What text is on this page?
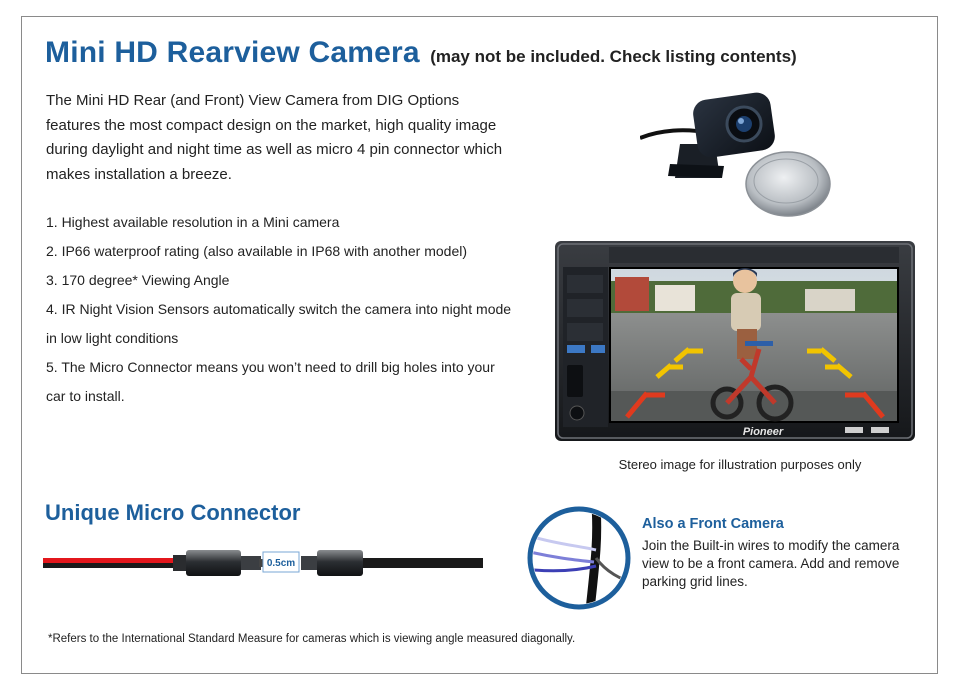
Mini HD Rearview Camera (may not be included. Check listing contents)
The Mini HD Rear (and Front) View Camera from DIG Options features the most compact design on the market, high quality image during daylight and night time as well as micro 4 pin connector which makes installation a breeze.
1. Highest available resolution in a Mini camera
2. IP66 waterproof rating (also available in IP68 with another model)
3. 170 degree* Viewing Angle
4. IR Night Vision Sensors automatically switch the camera into night mode in low light conditions
5. The Micro Connector means you won’t need to drill big holes into your car to install.
Pioneer
Stereo image for illustration purposes only
Unique Micro Connector
0.5cm
Also a Front Camera
Join the Built-in wires to modify the camera view to be a front camera. Add and remove parking grid lines.
*Refers to the International Standard Measure for cameras which is viewing angle measured diagonally.
